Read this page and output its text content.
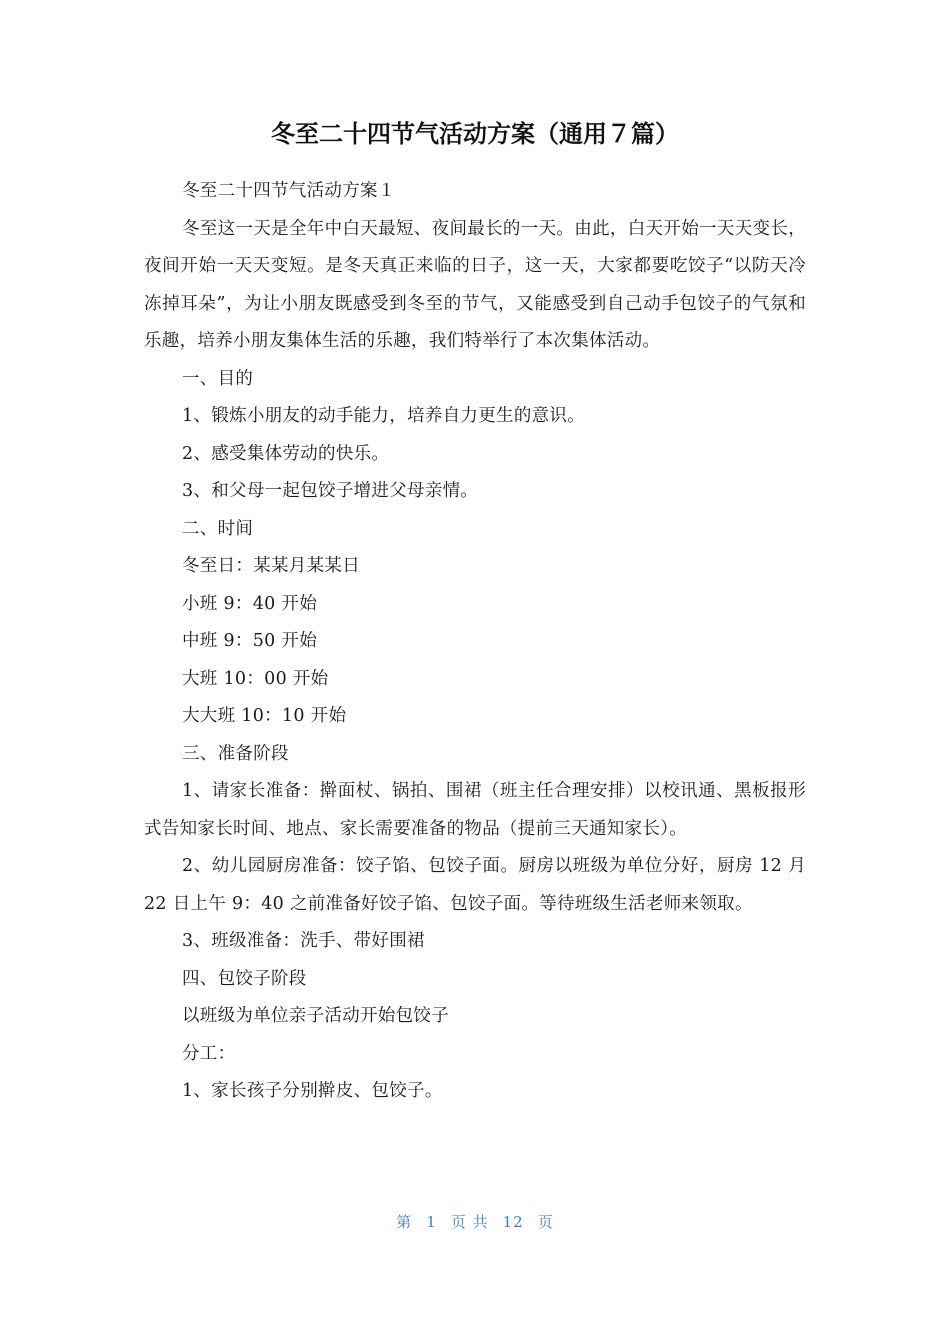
冬至二十四节气活动方案（通用７篇）

冬至二十四节气活动方案１

冬至这一天是全年中白天最短、夜间最长的一天。由此，白天开始一天天变长，夜间开始一天天变短。是冬天真正来临的日子，这一天，大家都要吃饺子“以防天冷冻掉耳朵”，为让小朋友既感受到冬至的节气，又能感受到自己动手包饺子的气氛和乐趣，培养小朋友集体生活的乐趣，我们特举行了本次集体活动。

一、目的

1、锻炼小朋友的动手能力，培养自力更生的意识。

2、感受集体劳动的快乐。

3、和父母一起包饺子增进父母亲情。

二、时间

冬至日：某某月某某日

小班 9：40 开始

中班 9：50 开始

大班 10：00 开始

大大班 10：10 开始

三、准备阶段

1、请家长准备：擀面杖、锅拍、围裙（班主任合理安排）以校讯通、黑板报形式告知家长时间、地点、家长需要准备的物品（提前三天通知家长）。

2、幼儿园厨房准备：饺子馅、包饺子面。厨房以班级为单位分好，厨房 12 月 22 日上午 9：40 之前准备好饺子馅、包饺子面。等待班级生活老师来领取。

3、班级准备：洗手、带好围裙

四、包饺子阶段

以班级为单位亲子活动开始包饺子

分工：

1、家长孩子分别擀皮、包饺子。

第 1 页 共 12 页
